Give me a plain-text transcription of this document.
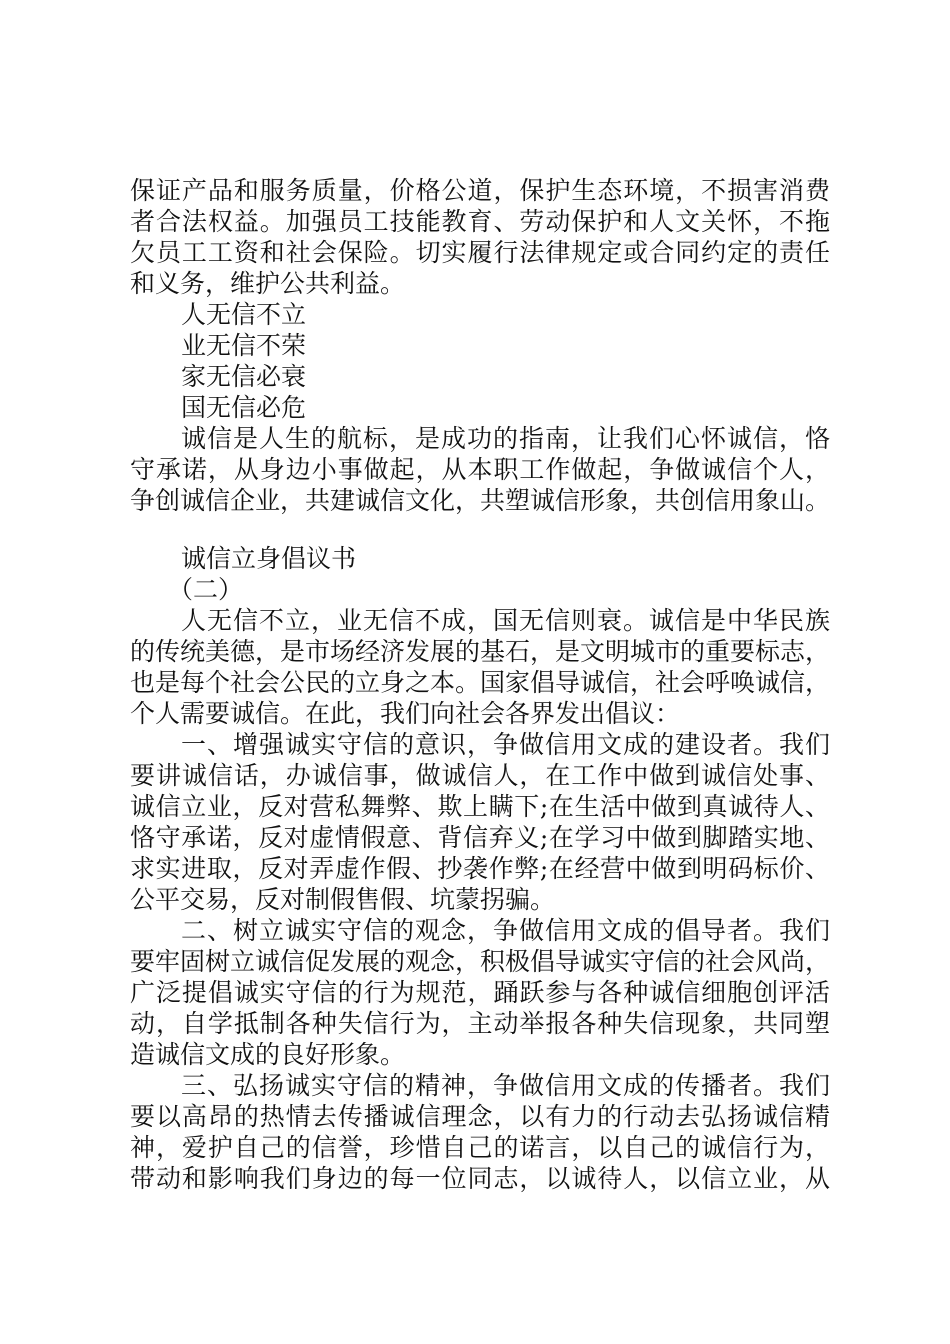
保证产品和服务质量，价格公道，保护生态环境，不损害消费
者合法权益。加强员工技能教育、劳动保护和人文关怀，不拖
欠员工工资和社会保险。切实履行法律规定或合同约定的责任
和义务，维护公共利益。
人无信不立
业无信不荣
家无信必衰
国无信必危
诚信是人生的航标，是成功的指南，让我们心怀诚信，恪
守承诺，从身边小事做起，从本职工作做起，争做诚信个人，
争创诚信企业，共建诚信文化，共塑诚信形象，共创信用象山。
诚信立身倡议书
（二）
人无信不立，业无信不成，国无信则衰。诚信是中华民族
的传统美德，是市场经济发展的基石，是文明城市的重要标志，
也是每个社会公民的立身之本。国家倡导诚信，社会呼唤诚信，
个人需要诚信。在此，我们向社会各界发出倡议：
一、增强诚实守信的意识，争做信用文成的建设者。我们
要讲诚信话，办诚信事，做诚信人，在工作中做到诚信处事、
诚信立业，反对营私舞弊、欺上瞒下;在生活中做到真诚待人、
恪守承诺，反对虚情假意、背信弃义;在学习中做到脚踏实地、
求实进取，反对弄虚作假、抄袭作弊;在经营中做到明码标价、
公平交易，反对制假售假、坑蒙拐骗。
二、树立诚实守信的观念，争做信用文成的倡导者。我们
要牢固树立诚信促发展的观念，积极倡导诚实守信的社会风尚，
广泛提倡诚实守信的行为规范，踊跃参与各种诚信细胞创评活
动，自学抵制各种失信行为，主动举报各种失信现象，共同塑
造诚信文成的良好形象。
三、弘扬诚实守信的精神，争做信用文成的传播者。我们
要以高昂的热情去传播诚信理念，以有力的行动去弘扬诚信精
神，爱护自己的信誉，珍惜自己的诺言，以自己的诚信行为，
带动和影响我们身边的每一位同志，以诚待人，以信立业，从
